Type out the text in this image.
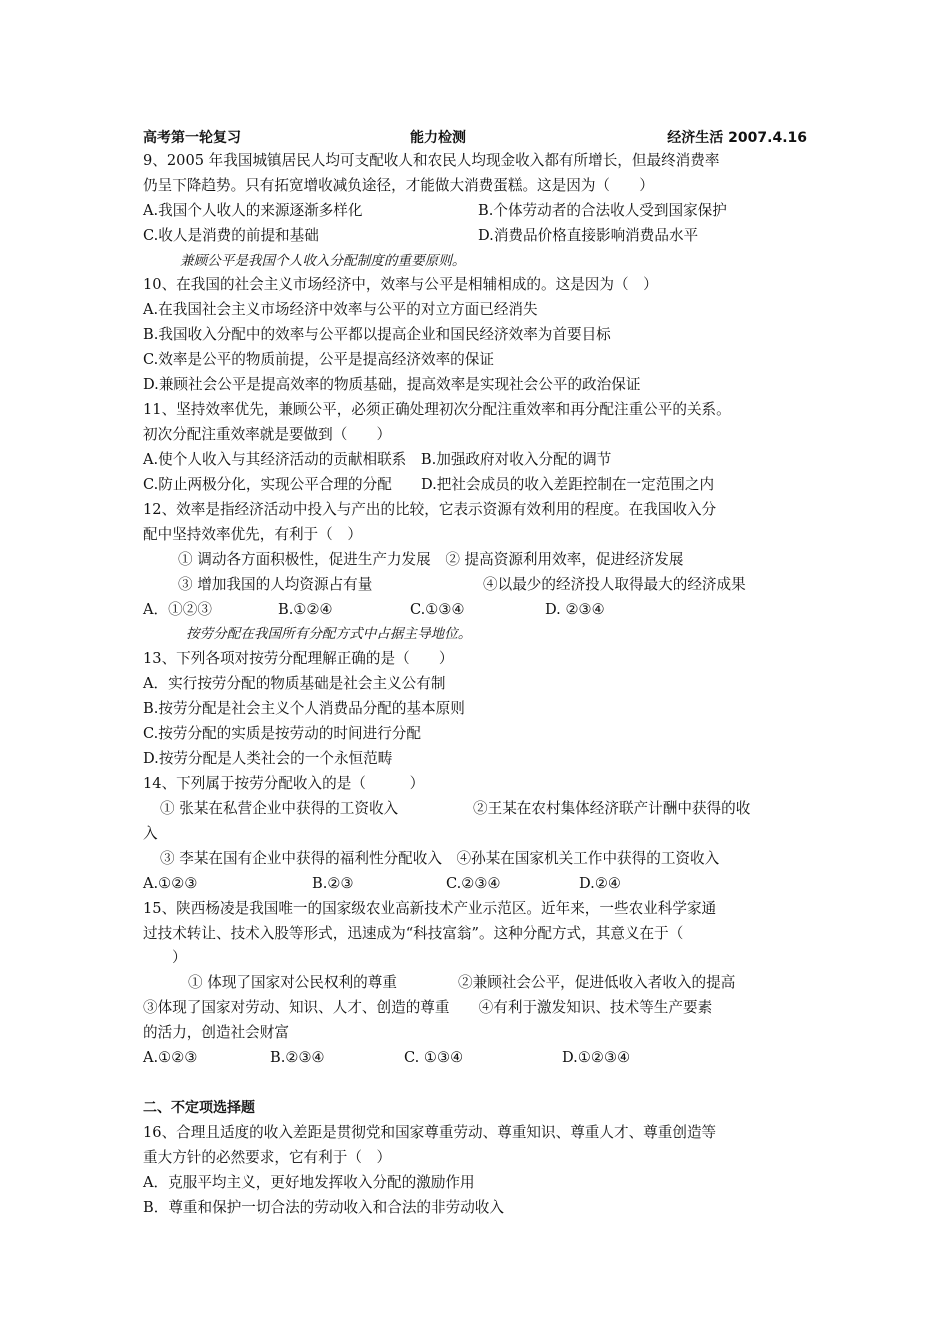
高考第一轮复习	能力检测	经济生活 2007.4.16
9、2005 年我国城镇居民人均可支配收人和农民人均现金收入都有所增长，但最终消费率
仍呈下降趋势。只有拓宽增收减负途径，才能做大消费蛋糕。这是因为（　　）
A.我国个人收人的来源逐渐多样化	B.个体劳动者的合法收人受到国家保护
C.收人是消费的前提和基础	D.消费品价格直接影响消费品水平
兼顾公平是我国个人收入分配制度的重要原则。
10、在我国的社会主义市场经济中，效率与公平是相辅相成的。这是因为（　）
A.在我国社会主义市场经济中效率与公平的对立方面已经消失
B.我国收入分配中的效率与公平都以提高企业和国民经济效率为首要目标
C.效率是公平的物质前提，公平是提高经济效率的保证
D.兼顾社会公平是提高效率的物质基础，提高效率是实现社会公平的政治保证
11、坚持效率优先，兼顾公平，必须正确处理初次分配注重效率和再分配注重公平的关系。
初次分配注重效率就是要做到（　　）
A.使个人收入与其经济活动的贡献相联系　B.加强政府对收入分配的调节
C.防止两极分化，实现公平合理的分配　　D.把社会成员的收入差距控制在一定范围之内
12、效率是指经济活动中投入与产出的比较，它表示资源有效利用的程度。在我国收入分
配中坚持效率优先，有利于（　）
① 调动各方面积极性，促进生产力发展　② 提高资源利用效率，促进经济发展
③ 增加我国的人均资源占有量	④以最少的经济投人取得最大的经济成果
A．①②③	B.①②④	C.①③④	D. ②③④
按劳分配在我国所有分配方式中占据主导地位。
13、下列各项对按劳分配理解正确的是（　　）
A．实行按劳分配的物质基础是社会主义公有制
B.按劳分配是社会主义个人消费品分配的基本原则
C.按劳分配的实质是按劳动的时间进行分配
D.按劳分配是人类社会的一个永恒范畴
14、下列属于按劳分配收入的是（　　　）
① 张某在私营企业中获得的工资收入	②王某在农村集体经济联产计酬中获得的收
入
③ 李某在国有企业中获得的福利性分配收入　④孙某在国家机关工作中获得的工资收入
A.①②③	B.②③	C.②③④	D.②④
15、陕西杨凌是我国唯一的国家级农业高新技术产业示范区。近年来，一些农业科学家通
过技术转让、技术入股等形式，迅速成为“科技富翁”。这种分配方式，其意义在于（
）
① 体现了国家对公民权利的尊重	②兼顾社会公平，促进低收入者收入的提高
③体现了国家对劳动、知识、人才、创造的尊重　　④有利于激发知识、技术等生产要素
的活力，创造社会财富
A.①②③	B.②③④	C. ①③④	D.①②③④
二、不定项选择题
16、合理且适度的收入差距是贯彻党和国家尊重劳动、尊重知识、尊重人才、尊重创造等
重大方针的必然要求，它有利于（　）
A．克服平均主义，更好地发挥收入分配的激励作用
B．尊重和保护一切合法的劳动收入和合法的非劳动收入
